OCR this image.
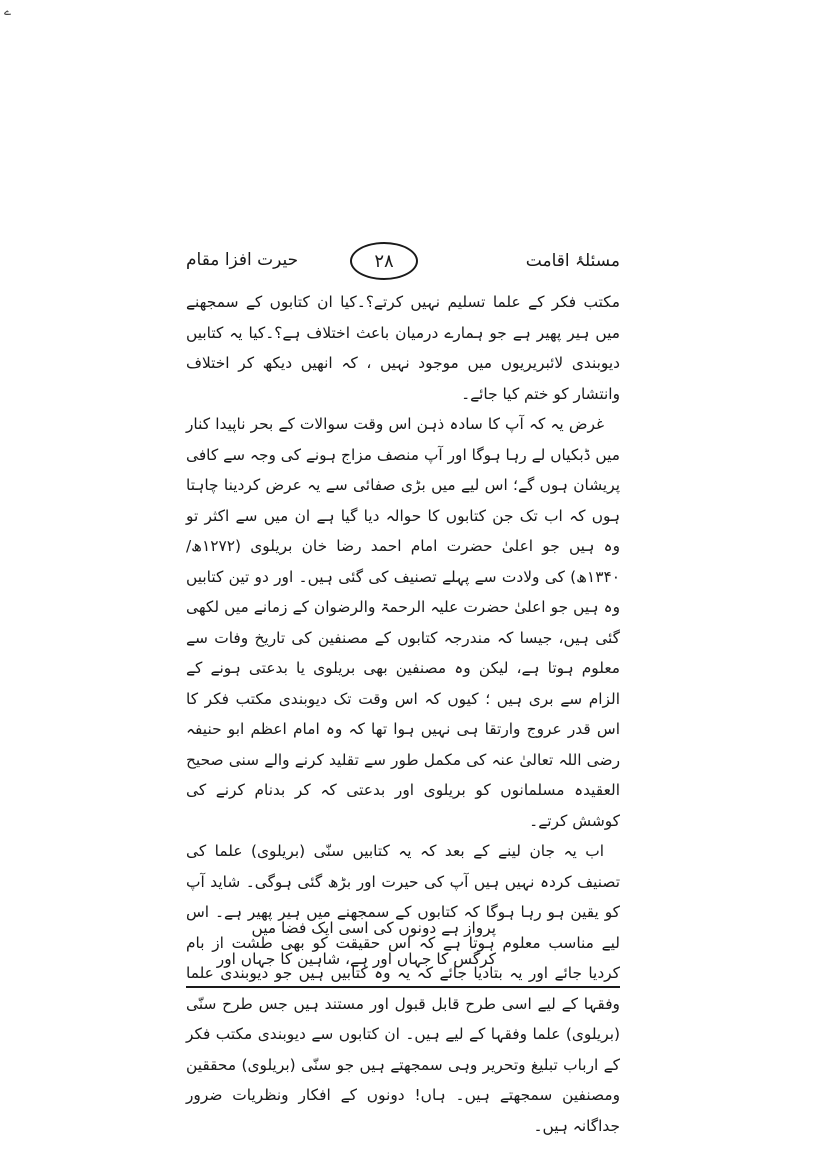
ے
مسئلۂ اقامت
۲۸
حیرت افزا مقام

مکتب فکر کے علما تسلیم نہیں کرتے؟۔کیا ان کتابوں کے سمجھنے میں ہیر پھیر ہے جو ہمارے درمیان باعث اختلاف ہے؟۔کیا یہ کتابیں دیوبندی لائبریریوں میں موجود نہیں ، کہ انھیں دیکھ کر اختلاف وانتشار کو ختم کیا جائے۔

غرض یہ کہ آپ کا سادہ ذہن اس وقت سوالات کے بحر ناپیدا کنار میں ڈبکیاں لے رہا ہوگا اور آپ منصف مزاج ہونے کی وجہ سے کافی پریشان ہوں گے؛ اس لیے میں بڑی صفائی سے یہ عرض کردینا چاہتا ہوں کہ اب تک جن کتابوں کا حوالہ دیا گیا ہے ان میں سے اکثر تو وہ ہیں جو اعلیٰ حضرت امام احمد رضا خان بریلوی (۱۲۷۲ھ/۱۳۴۰ھ) کی ولادت سے پہلے تصنیف کی گئی ہیں۔ اور دو تین کتابیں وہ ہیں جو اعلیٰ حضرت علیہ الرحمۃ والرضوان کے زمانے میں لکھی گئی ہیں، جیسا کہ مندرجہ کتابوں کے مصنفین کی تاریخ وفات سے معلوم ہوتا ہے، لیکن وہ مصنفین بھی بریلوی یا بدعتی ہونے کے الزام سے بری ہیں ؛ کیوں کہ اس وقت تک دیوبندی مکتب فکر کا اس قدر عروج وارتقا ہی نہیں ہوا تھا کہ وہ امام اعظم ابو حنیفہ رضی اللہ تعالیٰ عنہ کی مکمل طور سے تقلید کرنے والے سنی صحیح العقیدہ مسلمانوں کو بریلوی اور بدعتی کہ کر بدنام کرنے کی کوشش کرتے۔

اب یہ جان لینے کے بعد کہ یہ کتابیں سنّی (بریلوی) علما کی تصنیف کردہ نہیں ہیں آپ کی حیرت اور بڑھ گئی ہوگی۔ شاید آپ کو یقین ہو رہا ہوگا کہ کتابوں کے سمجھنے میں ہیر پھیر ہے۔ اس لیے مناسب معلوم ہوتا ہے کہ اس حقیقت کو بھی طشت از بام کردیا جائے اور یہ بتادیا جائے کہ یہ وہ کتابیں ہیں جو دیوبندی علما وفقہا کے لیے اسی طرح قابل قبول اور مستند ہیں جس طرح سنّی (بریلوی) علما وفقہا کے لیے ہیں۔ ان کتابوں سے دیوبندی مکتب فکر کے ارباب تبلیغ وتحریر وہی سمجھتے ہیں جو سنّی (بریلوی) محققین ومصنفین سمجھتے ہیں۔ ہاں! دونوں کے افکار ونظریات ضرور جداگانہ ہیں۔

پرواز ہے دونوں کی اسی ایک فضا میں
کرگس کا جہاں اور ہے، شاہین کا جہاں اور
